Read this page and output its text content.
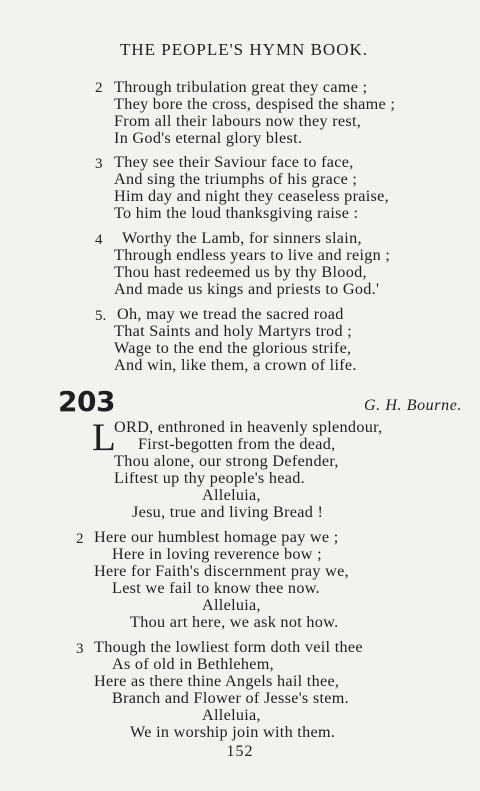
THE PEOPLE'S HYMN BOOK.
2 Through tribulation great they came ;
They bore the cross, despised the shame ;
From all their labours now they rest,
In God's eternal glory blest.
3 They see their Saviour face to face,
And sing the triumphs of his grace ;
Him day and night they ceaseless praise,
To him the loud thanksgiving raise :
4 Worthy the Lamb, for sinners slain,
Through endless years to live and reign ;
Thou hast redeemed us by thy Blood,
And made us kings and priests to God.'
5. Oh, may we tread the sacred road
That Saints and holy Martyrs trod ;
Wage to the end the glorious strife,
And win, like them, a crown of life.
203	G. H. Bourne.
L
ORD, enthroned in heavenly splendour,
First-begotten from the dead,
Thou alone, our strong Defender,
Liftest up thy people's head.
Alleluia,
Jesu, true and living Bread !
2 Here our humblest homage pay we ;
Here in loving reverence bow ;
Here for Faith's discernment pray we,
Lest we fail to know thee now.
Alleluia,
Thou art here, we ask not how.
3 Though the lowliest form doth veil thee
As of old in Bethlehem,
Here as there thine Angels hail thee,
Branch and Flower of Jesse's stem.
Alleluia,
We in worship join with them.
152
